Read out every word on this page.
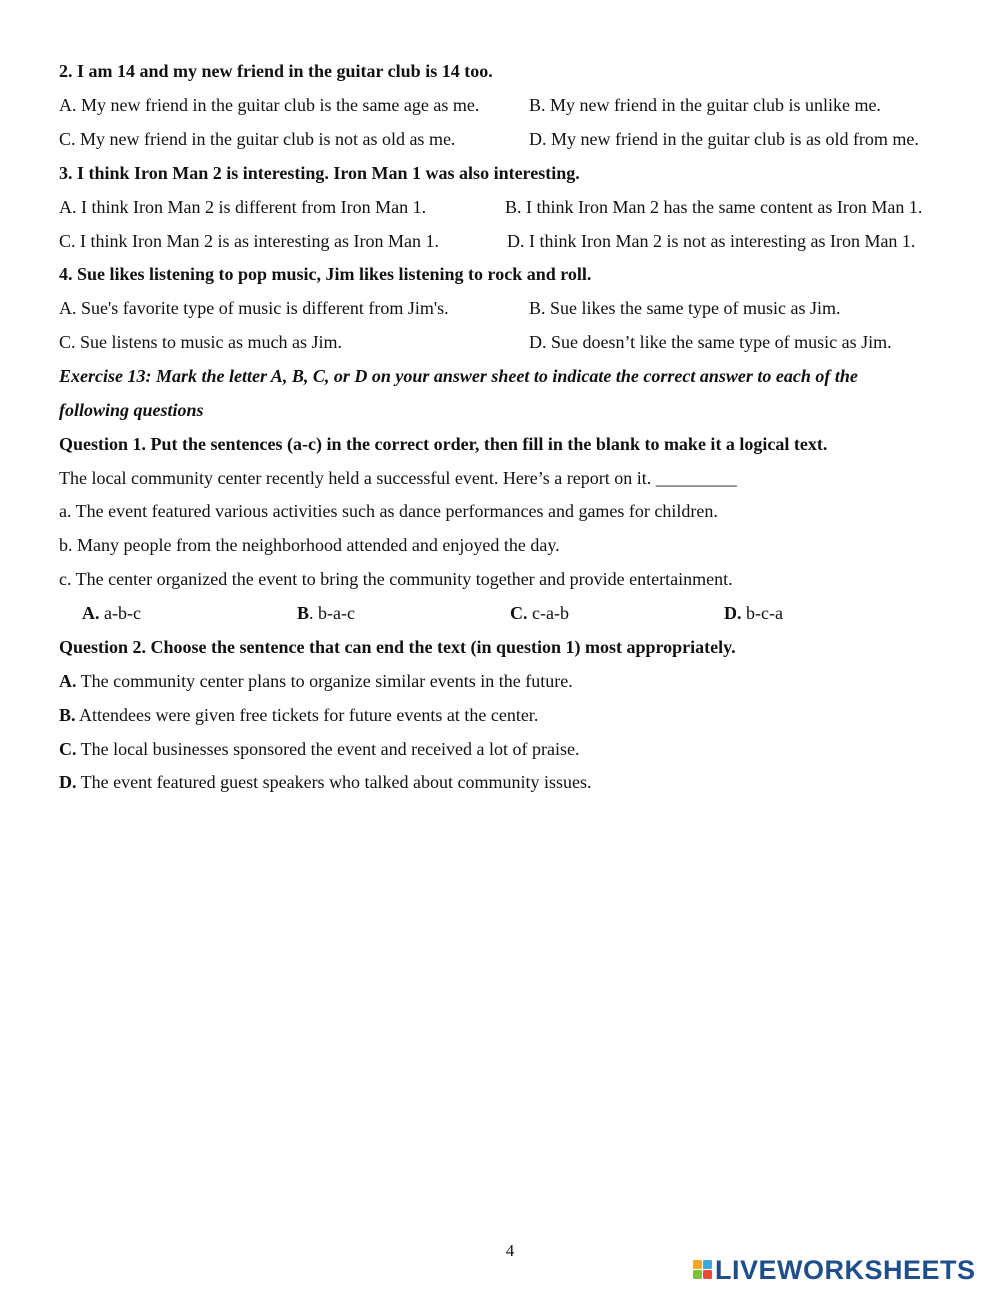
2. I am 14 and my new friend in the guitar club is 14 too.
A. My new friend in the guitar club is the same age as me.	B. My new friend in the guitar club is unlike me.
C. My new friend in the guitar club is not as old as me.	D. My new friend in the guitar club is as old from me.
3. I think Iron Man 2 is interesting. Iron Man 1 was also interesting.
A. I think Iron Man 2 is different from Iron Man 1.	B. I think Iron Man 2 has the same content as Iron Man 1.
C. I think Iron Man 2 is as interesting as Iron Man 1.	D. I think Iron Man 2 is not as interesting as Iron Man 1.
4. Sue likes listening to pop music, Jim likes listening to rock and roll.
A. Sue's favorite type of music is different from Jim's.	B. Sue likes the same type of music as Jim.
C. Sue listens to music as much as Jim.	D. Sue doesn’t like the same type of music as Jim.
Exercise 13: Mark the letter A, B, C, or D on your answer sheet to indicate the correct answer to each of the
following questions
Question 1. Put the sentences (a-c) in the correct order, then fill in the blank to make it a logical text.
The local community center recently held a successful event. Here’s a report on it. _________
a. The event featured various activities such as dance performances and games for children.
b. Many people from the neighborhood attended and enjoyed the day.
c. The center organized the event to bring the community together and provide entertainment.
A. a-b-c	B. b-a-c	C. c-a-b	D. b-c-a
Question 2. Choose the sentence that can end the text (in question 1) most appropriately.
A. The community center plans to organize similar events in the future.
B. Attendees were given free tickets for future events at the center.
C. The local businesses sponsored the event and received a lot of praise.
D. The event featured guest speakers who talked about community issues.
4
LIVEWORKSHEETS
